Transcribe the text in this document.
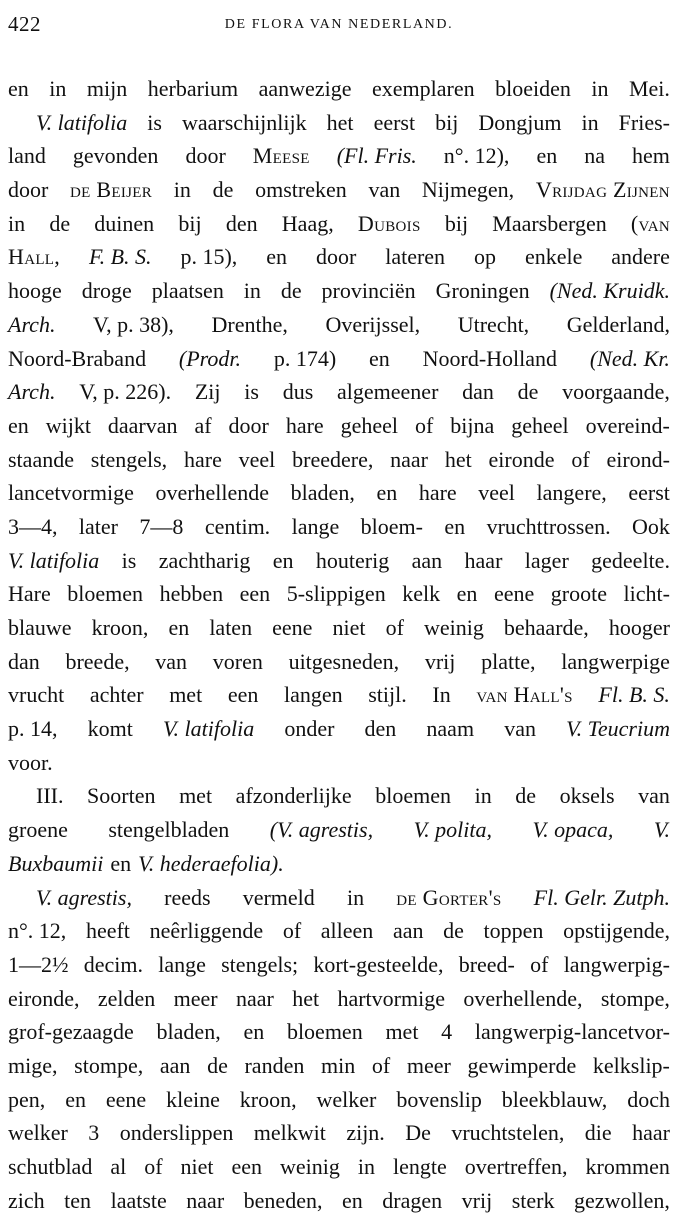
422	DE FLORA VAN NEDERLAND.
en in mijn herbarium aanwezige exemplaren bloeiden in Mei.
V. latifolia is waarschijnlijk het eerst bij Dongjum in Fries-
land gevonden door Meese (Fl. Fris. n°. 12), en na hem
door de Beijer in de omstreken van Nijmegen, Vrijdag Zijnen
in de duinen bij den Haag, Dubois bij Maarsbergen (van
Hall, F. B. S. p. 15), en door lateren op enkele andere
hooge droge plaatsen in de provinciën Groningen (Ned. Kruidk.
Arch. V, p. 38), Drenthe, Overijssel, Utrecht, Gelderland,
Noord-Braband (Prodr. p. 174) en Noord-Holland (Ned. Kr.
Arch. V, p. 226). Zij is dus algemeener dan de voorgaande,
en wijkt daarvan af door hare geheel of bijna geheel overeind-
staande stengels, hare veel breedere, naar het eironde of eirond-
lancetvormige overhellende bladen, en hare veel langere, eerst
3—4, later 7—8 centim. lange bloem- en vruchttrossen. Ook
V. latifolia is zachtharig en houterig aan haar lager gedeelte.
Hare bloemen hebben een 5-slippigen kelk en eene groote licht-
blauwe kroon, en laten eene niet of weinig behaarde, hooger
dan breede, van voren uitgesneden, vrij platte, langwerpige
vrucht achter met een langen stijl. In van Hall's Fl. B. S.
p. 14, komt V. latifolia onder den naam van V. Teucrium
voor.
III. Soorten met afzonderlijke bloemen in de oksels van
groene stengelbladen (V. agrestis, V. polita, V. opaca, V.
Buxbaumii en V. hederaefolia).
V. agrestis, reeds vermeld in de Gorter's Fl. Gelr. Zutph.
n°. 12, heeft neêrliggende of alleen aan de toppen opstijgende,
1—2½ decim. lange stengels; kort-gesteelde, breed- of langwerpig-
eironde, zelden meer naar het hartvormige overhellende, stompe,
grof-gezaagde bladen, en bloemen met 4 langwerpig-lancetvor-
mige, stompe, aan de randen min of meer gewimperde kelkslip-
pen, en eene kleine kroon, welker bovenslip bleekblauw, doch
welker 3 onderslippen melkwit zijn. De vruchtstelen, die haar
schutblad al of niet een weinig in lengte overtreffen, krommen
zich ten laatste naar beneden, en dragen vrij sterk gezwollen,
